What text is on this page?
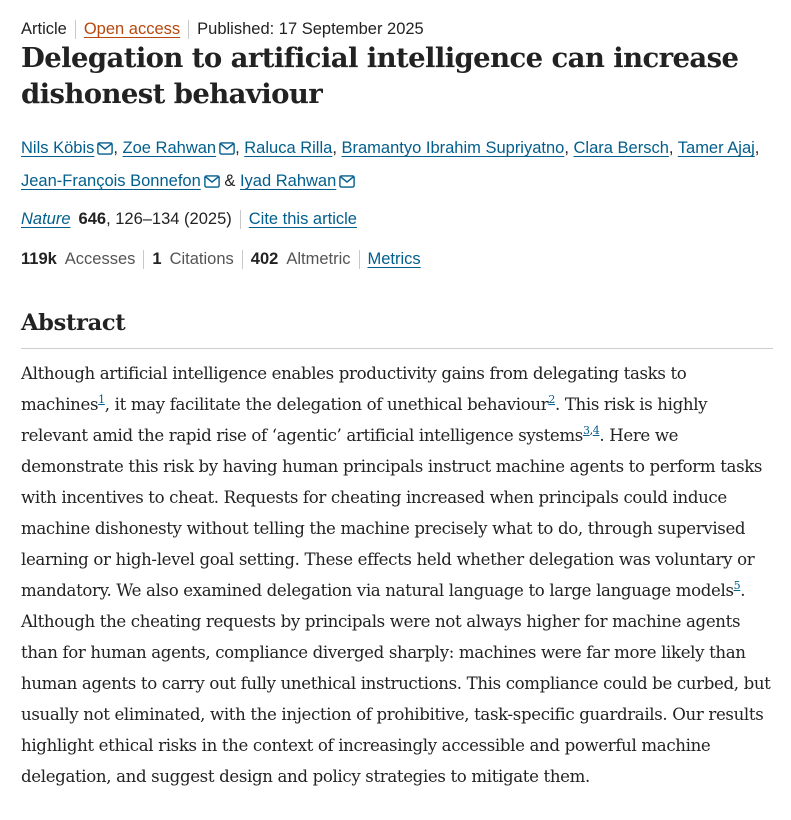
Article Open access Published: 17 September 2025
Delegation to artificial intelligence can increase dishonest behaviour
Nils Köbis , Zoe Rahwan , Raluca Rilla, Bramantyo Ibrahim Supriyatno, Clara Bersch, Tamer Ajaj, Jean-François Bonnefon & Iyad Rahwan
Nature 646 , 126–134 (2025) Cite this article
119k Accesses 1 Citations 402 Altmetric Metrics
Abstract

Although artificial intelligence enables productivity gains from delegating tasks to machines$^1$, it may facilitate the delegation of unethical behaviour$^2$. This risk is highly relevant amid the rapid rise of ‘agentic’ artificial intelligence systems$^{3,4}$. Here we demonstrate this risk by having human principals instruct machine agents to perform tasks with incentives to cheat. Requests for cheating increased when principals could induce machine dishonesty without telling the machine precisely what to do, through supervised learning or high-level goal setting. These effects held whether delegation was voluntary or mandatory. We also examined delegation via natural language to large language models$^5$. Although the cheating requests by principals were not always higher for machine agents than for human agents, compliance diverged sharply: machines were far more likely than human agents to carry out fully unethical instructions. This compliance could be curbed, but usually not eliminated, with the injection of prohibitive, task-specific guardrails. Our results highlight ethical risks in the context of increasingly accessible and powerful machine delegation, and suggest design and policy strategies to mitigate them.
